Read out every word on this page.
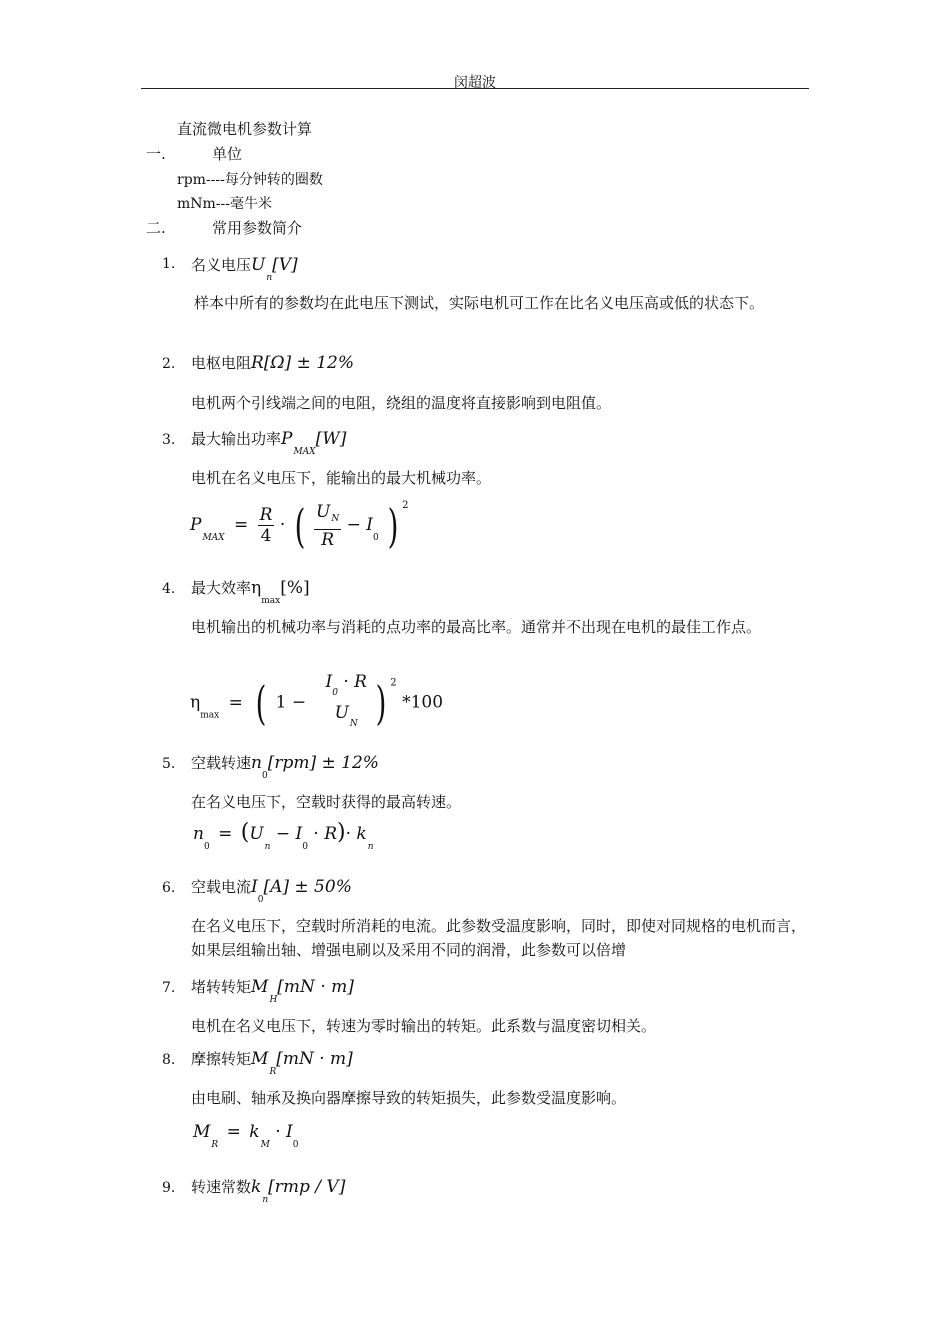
闵超波
直流微电机参数计算
一.	单位
rpm----每分钟转的圈数
mNm---毫牛米
二.	常用参数简介
1. 名义电压$U_n[V]$
样本中所有的参数均在此电压下测试，实际电机可工作在比名义电压高或低的状态下。
2. 电枢电阻R[Ω] ± 12%
电机两个引线端之间的电阻，绕组的温度将直接影响到电阻值。
3. 最大输出功率$P_{MAX}[W]$
电机在名义电压下，能输出的最大机械功率。
$P_{MAX} = \frac{R}{4}$ · ( $\frac{U_N}{R} - I_0$ ) $^2$
4. 最大效率$\eta_{max}[\%]$
电机输出的机械功率与消耗的点功率的最高比率。通常并不出现在电机的最佳工作点。
$\eta_{max}$ = ( 1 −
$I_0 \cdot R$
$U_N$ ) $^2$ *100
5. 空载转速$n_0[rpm] \pm 12\%$
在名义电压下，空载时获得的最高转速。
$n_0 = (U_n - I_0 \cdot R)\cdot k_n$
6. 空载电流$I_0[A] \pm 50\%$
在名义电压下，空载时所消耗的电流。此参数受温度影响，同时，即使对同规格的电机而言，如果层组输出轴、增强电刷以及采用不同的润滑，此参数可以倍增
7. 堵转转矩$M_H[mN \cdot m]$
电机在名义电压下，转速为零时输出的转矩。此系数与温度密切相关。
8. 摩擦转矩$M_R[mN \cdot m]$
由电刷、轴承及换向器摩擦导致的转矩损失，此参数受温度影响。
$M_R = k_M \cdot I_0$
9. 转速常数$k_n[rmp / V]$
